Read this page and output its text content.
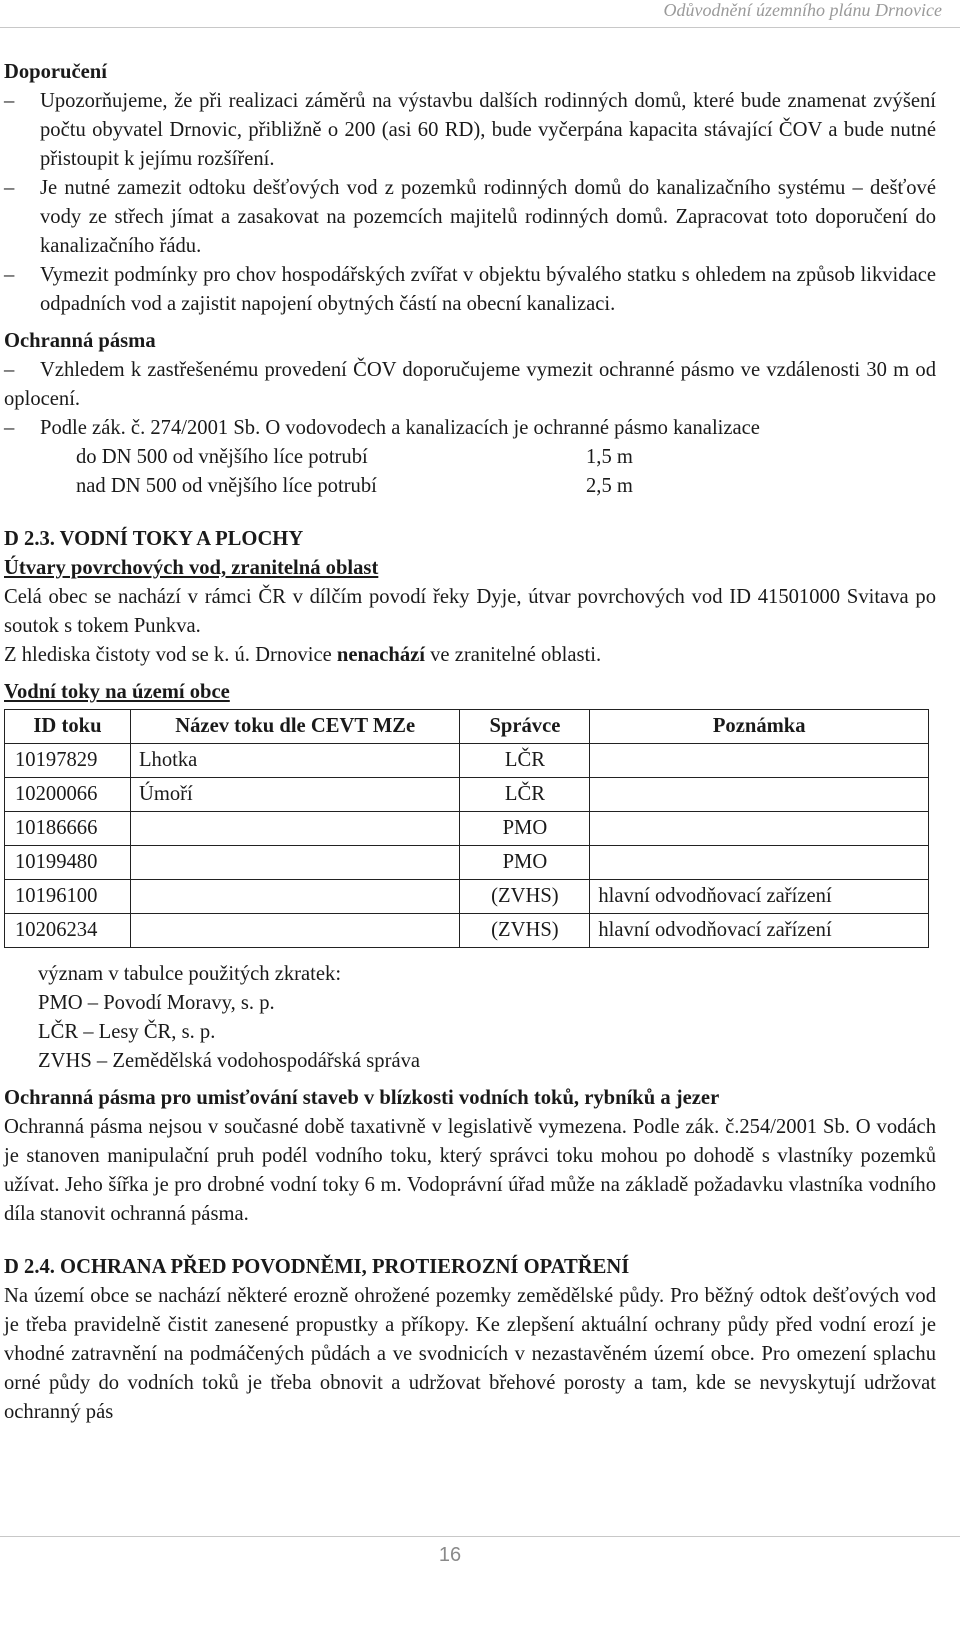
Odůvodnění územního plánu Drnovice

Doporučení

–	Upozorňujeme, že při realizaci záměrů na výstavbu dalších rodinných domů, které bude znamenat zvýšení počtu obyvatel Drnovic, přibližně o 200 (asi 60 RD), bude vyčerpána kapacita stávající ČOV a bude nutné přistoupit k jejímu rozšíření.
–	Je nutné zamezit odtoku dešťových vod z pozemků rodinných domů do kanalizačního systému – dešťové vody ze střech jímat a zasakovat na pozemcích majitelů rodinných domů. Zapracovat toto doporučení do kanalizačního řádu.
–	Vymezit podmínky pro chov hospodářských zvířat v objektu bývalého statku s ohledem na způsob likvidace odpadních vod a zajistit napojení obytných částí na obecní kanalizaci.

Ochranná pásma

–	Vzhledem k zastřešenému provedení ČOV doporučujeme vymezit ochranné pásmo ve vzdálenosti 30 m od oplocení.
–	Podle zák. č. 274/2001 Sb. O vodovodech a kanalizacích je ochranné pásmo kanalizace
do DN 500 od vnějšího líce potrubí	1,5 m
nad DN 500 od vnějšího líce potrubí	2,5 m

D 2.3. VODNÍ TOKY A PLOCHY

Útvary povrchových vod, zranitelná oblast

Celá obec se nachází v rámci ČR v dílčím povodí řeky Dyje, útvar povrchových vod ID 41501000 Svitava po soutok s tokem Punkva.

Z hlediska čistoty vod se k. ú. Drnovice nenachází ve zranitelné oblasti.

Vodní toky na území obce

ID toku	Název toku dle CEVT MZe	Správce	Poznámka
10197829	Lhotka	LČR	
10200066	Úmoří	LČR	
10186666		PMO	
10199480		PMO	
10196100		(ZVHS)	hlavní odvodňovací zařízení
10206234		(ZVHS)	hlavní odvodňovací zařízení
význam v tabulce použitých zkratek:
PMO – Povodí Moravy, s. p.
LČR – Lesy ČR, s. p.
ZVHS – Zemědělská vodohospodářská správa

Ochranná pásma pro umisťování staveb v blízkosti vodních toků, rybníků a jezer

Ochranná pásma nejsou v současné době taxativně v legislativě vymezena. Podle zák. č.254/2001 Sb. O vodách je stanoven manipulační pruh podél vodního toku, který správci toku mohou po dohodě s vlastníky pozemků užívat. Jeho šířka je pro drobné vodní toky 6 m. Vodoprávní úřad může na základě požadavku vlastníka vodního díla stanovit ochranná pásma.

D 2.4. OCHRANA PŘED POVODNĚMI, PROTIEROZNÍ OPATŘENÍ

Na území obce se nachází některé erozně ohrožené pozemky zemědělské půdy. Pro běžný odtok dešťových vod je třeba pravidelně čistit zanesené propustky a příkopy. Ke zlepšení aktuální ochrany půdy před vodní erozí je vhodné zatravnění na podmáčených půdách a ve svodnicích v nezastavěném území obce. Pro omezení splachu orné půdy do vodních toků je třeba obnovit a udržovat břehové porosty a tam, kde se nevyskytují udržovat ochranný pás

16
